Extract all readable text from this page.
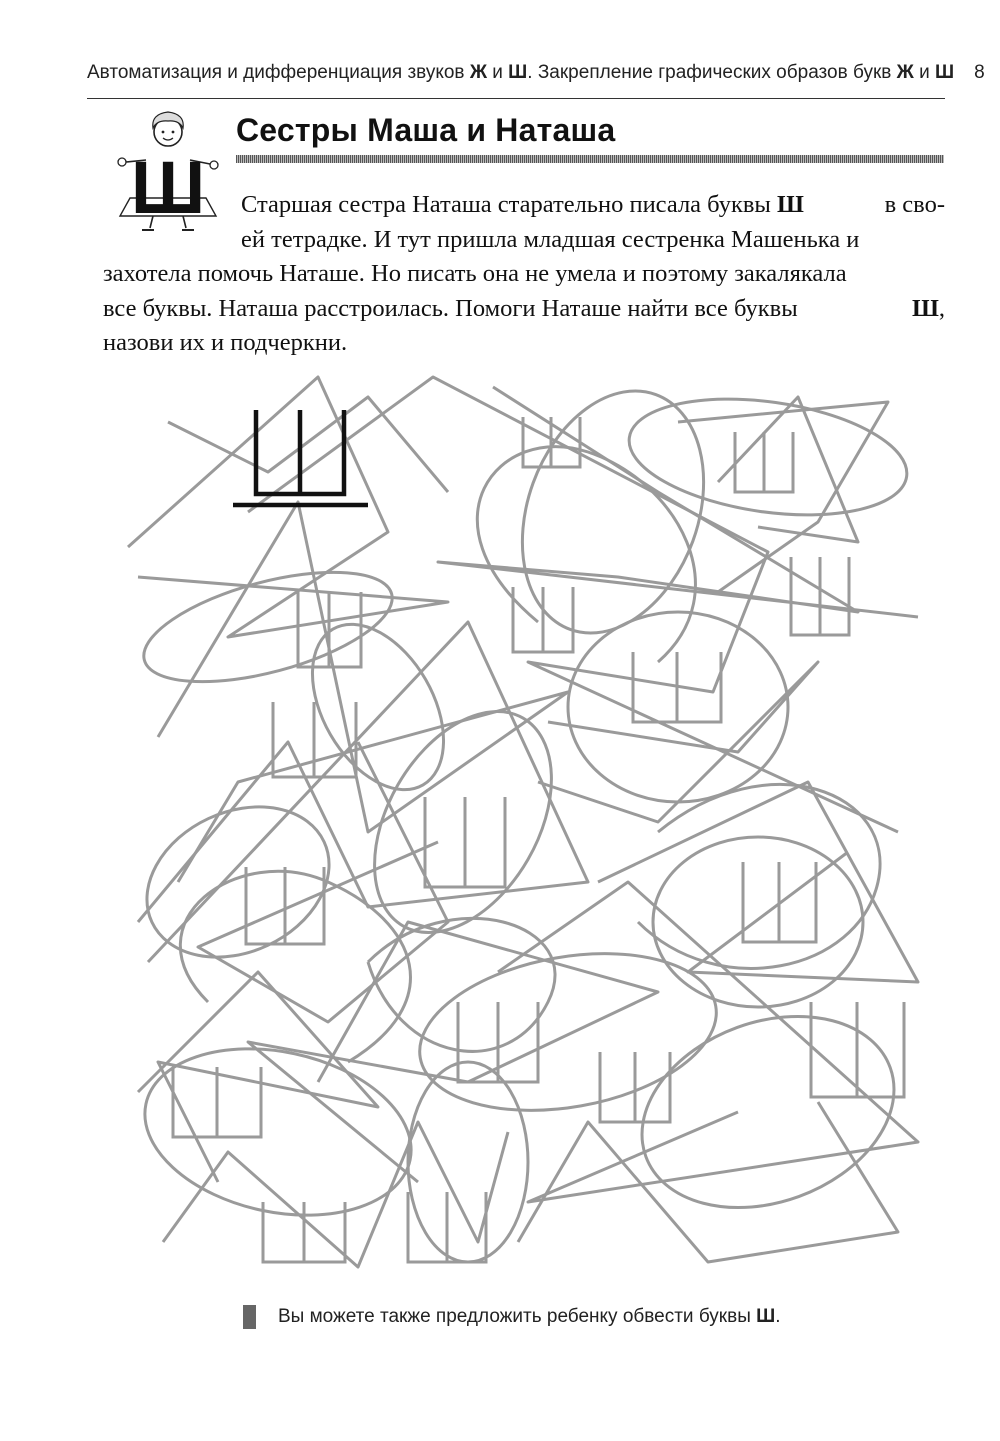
Автоматизация и дифференциация звуков Ж и Ш. Закрепление графических образов букв Ж и Ш 8
Ш
Сестры Маша и Наташа
Старшая сестра Наташа старательно писала буквы Ш	в сво-
ей тетрадке. И тут пришла младшая сестренка Машенька и
захотела помочь Наташе. Но писать она не умела и поэтому закалякала
все буквы. Наташа расстроилась. Помоги Наташе найти все буквы	Ш,
назови их и подчеркни.
Вы можете также предложить ребенку обвести буквы Ш.
